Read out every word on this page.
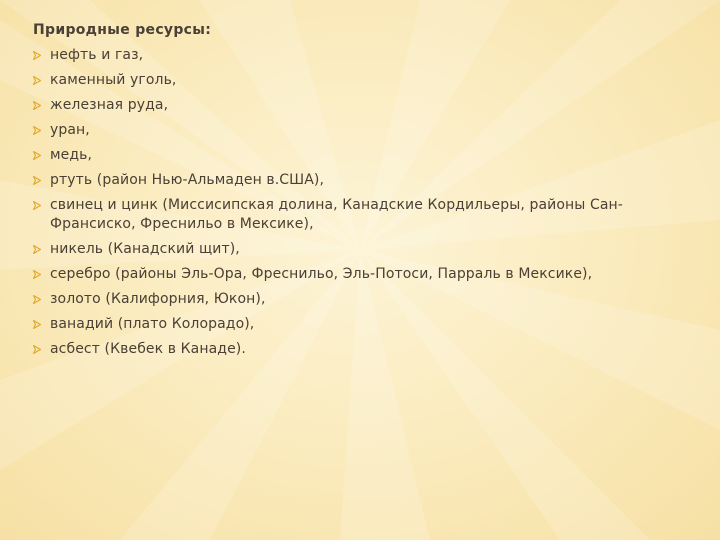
Природные ресурсы:
нефть и газ,
каменный уголь,
железная руда,
уран,
медь,
ртуть (район Нью-Альмаден в.США),
свинец и цинк (Миссисипская долина, Канадские Кордильеры, районы Сан-Франсиско, Фреснильо в Мексике),
никель (Канадский щит),
серебро (районы Эль-Ора, Фреснильо, Эль-Потоси, Парраль в Мексике),
золото (Калифорния, Юкон),
ванадий (плато Колорадо),
асбест (Квебек в Канаде).
